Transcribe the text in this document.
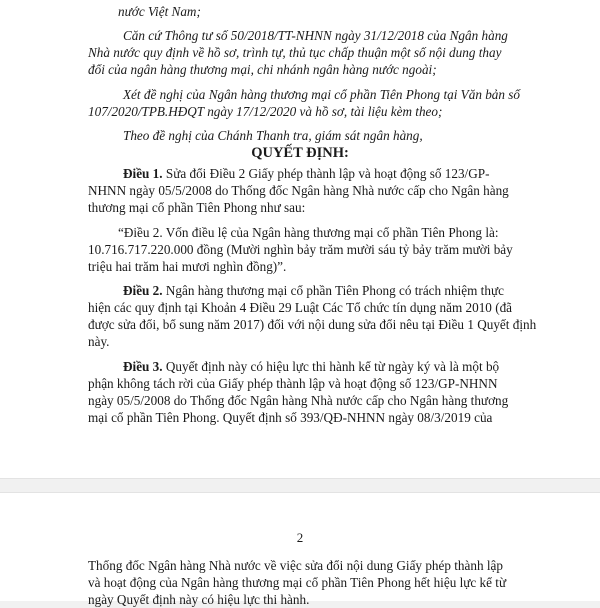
nước Việt Nam;
Căn cứ Thông tư số 50/2018/TT-NHNN ngày 31/12/2018 của Ngân hàng
Nhà nước quy định về hồ sơ, trình tự, thủ tục chấp thuận một số nội dung thay
đổi của ngân hàng thương mại, chi nhánh ngân hàng nước ngoài;
Xét đề nghị của Ngân hàng thương mại cổ phần Tiên Phong tại Văn bản số
107/2020/TPB.HĐQT ngày 17/12/2020 và hồ sơ, tài liệu kèm theo;
Theo đề nghị của Chánh Thanh tra, giám sát ngân hàng,
QUYẾT ĐỊNH:
Điều 1. Sửa đổi Điều 2 Giấy phép thành lập và hoạt động số 123/GP-
NHNN ngày 05/5/2008 do Thống đốc Ngân hàng Nhà nước cấp cho Ngân hàng
thương mại cổ phần Tiên Phong như sau:
“Điều 2. Vốn điều lệ của Ngân hàng thương mại cổ phần Tiên Phong là:
10.716.717.220.000 đồng (Mười nghìn bảy trăm mười sáu tỷ bảy trăm mười bảy
triệu hai trăm hai mươi nghìn đồng)”.
Điều 2. Ngân hàng thương mại cổ phần Tiên Phong có trách nhiệm thực
hiện các quy định tại Khoản 4 Điều 29 Luật Các Tổ chức tín dụng năm 2010 (đã
được sửa đổi, bổ sung năm 2017) đối với nội dung sửa đổi nêu tại Điều 1 Quyết định
này.
Điều 3. Quyết định này có hiệu lực thi hành kể từ ngày ký và là một bộ
phận không tách rời của Giấy phép thành lập và hoạt động số 123/GP-NHNN
ngày 05/5/2008 do Thống đốc Ngân hàng Nhà nước cấp cho Ngân hàng thương
mại cổ phần Tiên Phong. Quyết định số 393/QĐ-NHNN ngày 08/3/2019 của
2
Thống đốc Ngân hàng Nhà nước về việc sửa đổi nội dung Giấy phép thành lập
và hoạt động của Ngân hàng thương mại cổ phần Tiên Phong hết hiệu lực kể từ
ngày Quyết định này có hiệu lực thi hành.
